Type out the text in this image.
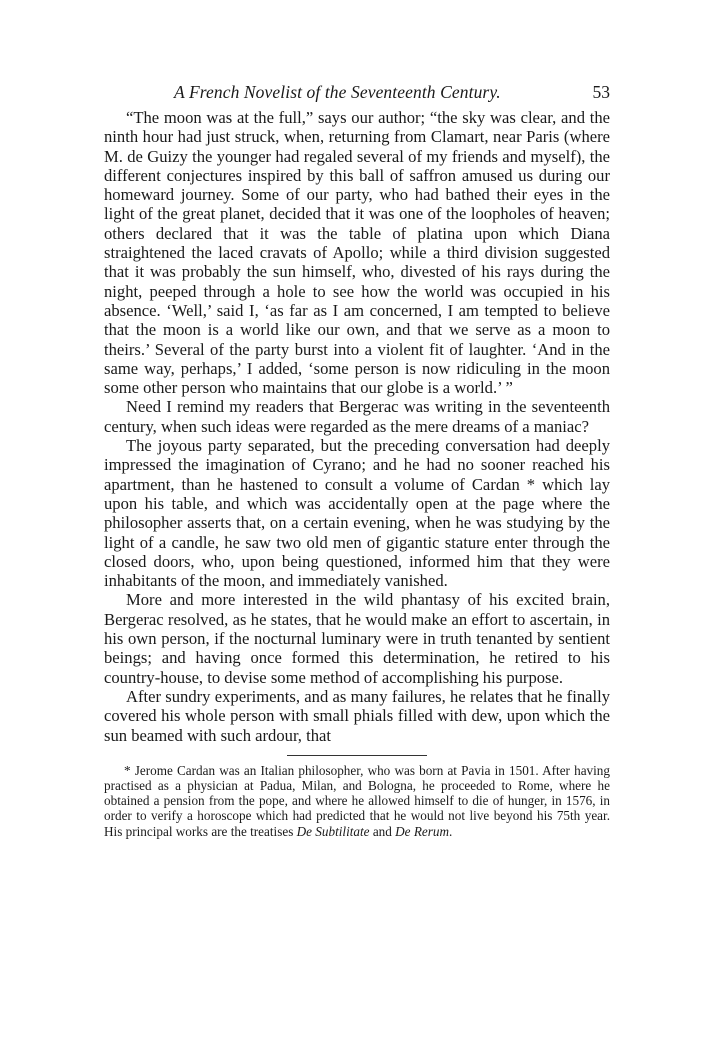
A French Novelist of the Seventeenth Century.	53

“The moon was at the full,” says our author; “the sky was clear, and the ninth hour had just struck, when, returning from Clamart, near Paris (where M. de Guizy the younger had regaled several of my friends and myself), the different conjectures inspired by this ball of saffron amused us during our homeward journey. Some of our party, who had bathed their eyes in the light of the great planet, decided that it was one of the loopholes of heaven; others declared that it was the table of platina upon which Diana straightened the laced cravats of Apollo; while a third division suggested that it was probably the sun himself, who, divested of his rays during the night, peeped through a hole to see how the world was occupied in his absence. ‘Well,’ said I, ‘as far as I am concerned, I am tempted to believe that the moon is a world like our own, and that we serve as a moon to theirs.’ Several of the party burst into a violent fit of laughter. ‘And in the same way, perhaps,’ I added, ‘some person is now ridiculing in the moon some other person who maintains that our globe is a world.’ ”

Need I remind my readers that Bergerac was writing in the seventeenth century, when such ideas were regarded as the mere dreams of a maniac?

The joyous party separated, but the preceding conversation had deeply impressed the imagination of Cyrano; and he had no sooner reached his apartment, than he hastened to consult a volume of Cardan * which lay upon his table, and which was accidentally open at the page where the philosopher asserts that, on a certain evening, when he was studying by the light of a candle, he saw two old men of gigantic stature enter through the closed doors, who, upon being questioned, informed him that they were inhabitants of the moon, and immediately vanished.

More and more interested in the wild phantasy of his excited brain, Bergerac resolved, as he states, that he would make an effort to ascertain, in his own person, if the nocturnal luminary were in truth tenanted by sentient beings; and having once formed this determination, he retired to his country-house, to devise some method of accomplishing his purpose.

After sundry experiments, and as many failures, he relates that he finally covered his whole person with small phials filled with dew, upon which the sun beamed with such ardour, that

* Jerome Cardan was an Italian philosopher, who was born at Pavia in 1501. After having practised as a physician at Padua, Milan, and Bologna, he proceeded to Rome, where he obtained a pension from the pope, and where he allowed himself to die of hunger, in 1576, in order to verify a horoscope which had predicted that he would not live beyond his 75th year. His principal works are the treatises De Subtilitate and De Rerum.
